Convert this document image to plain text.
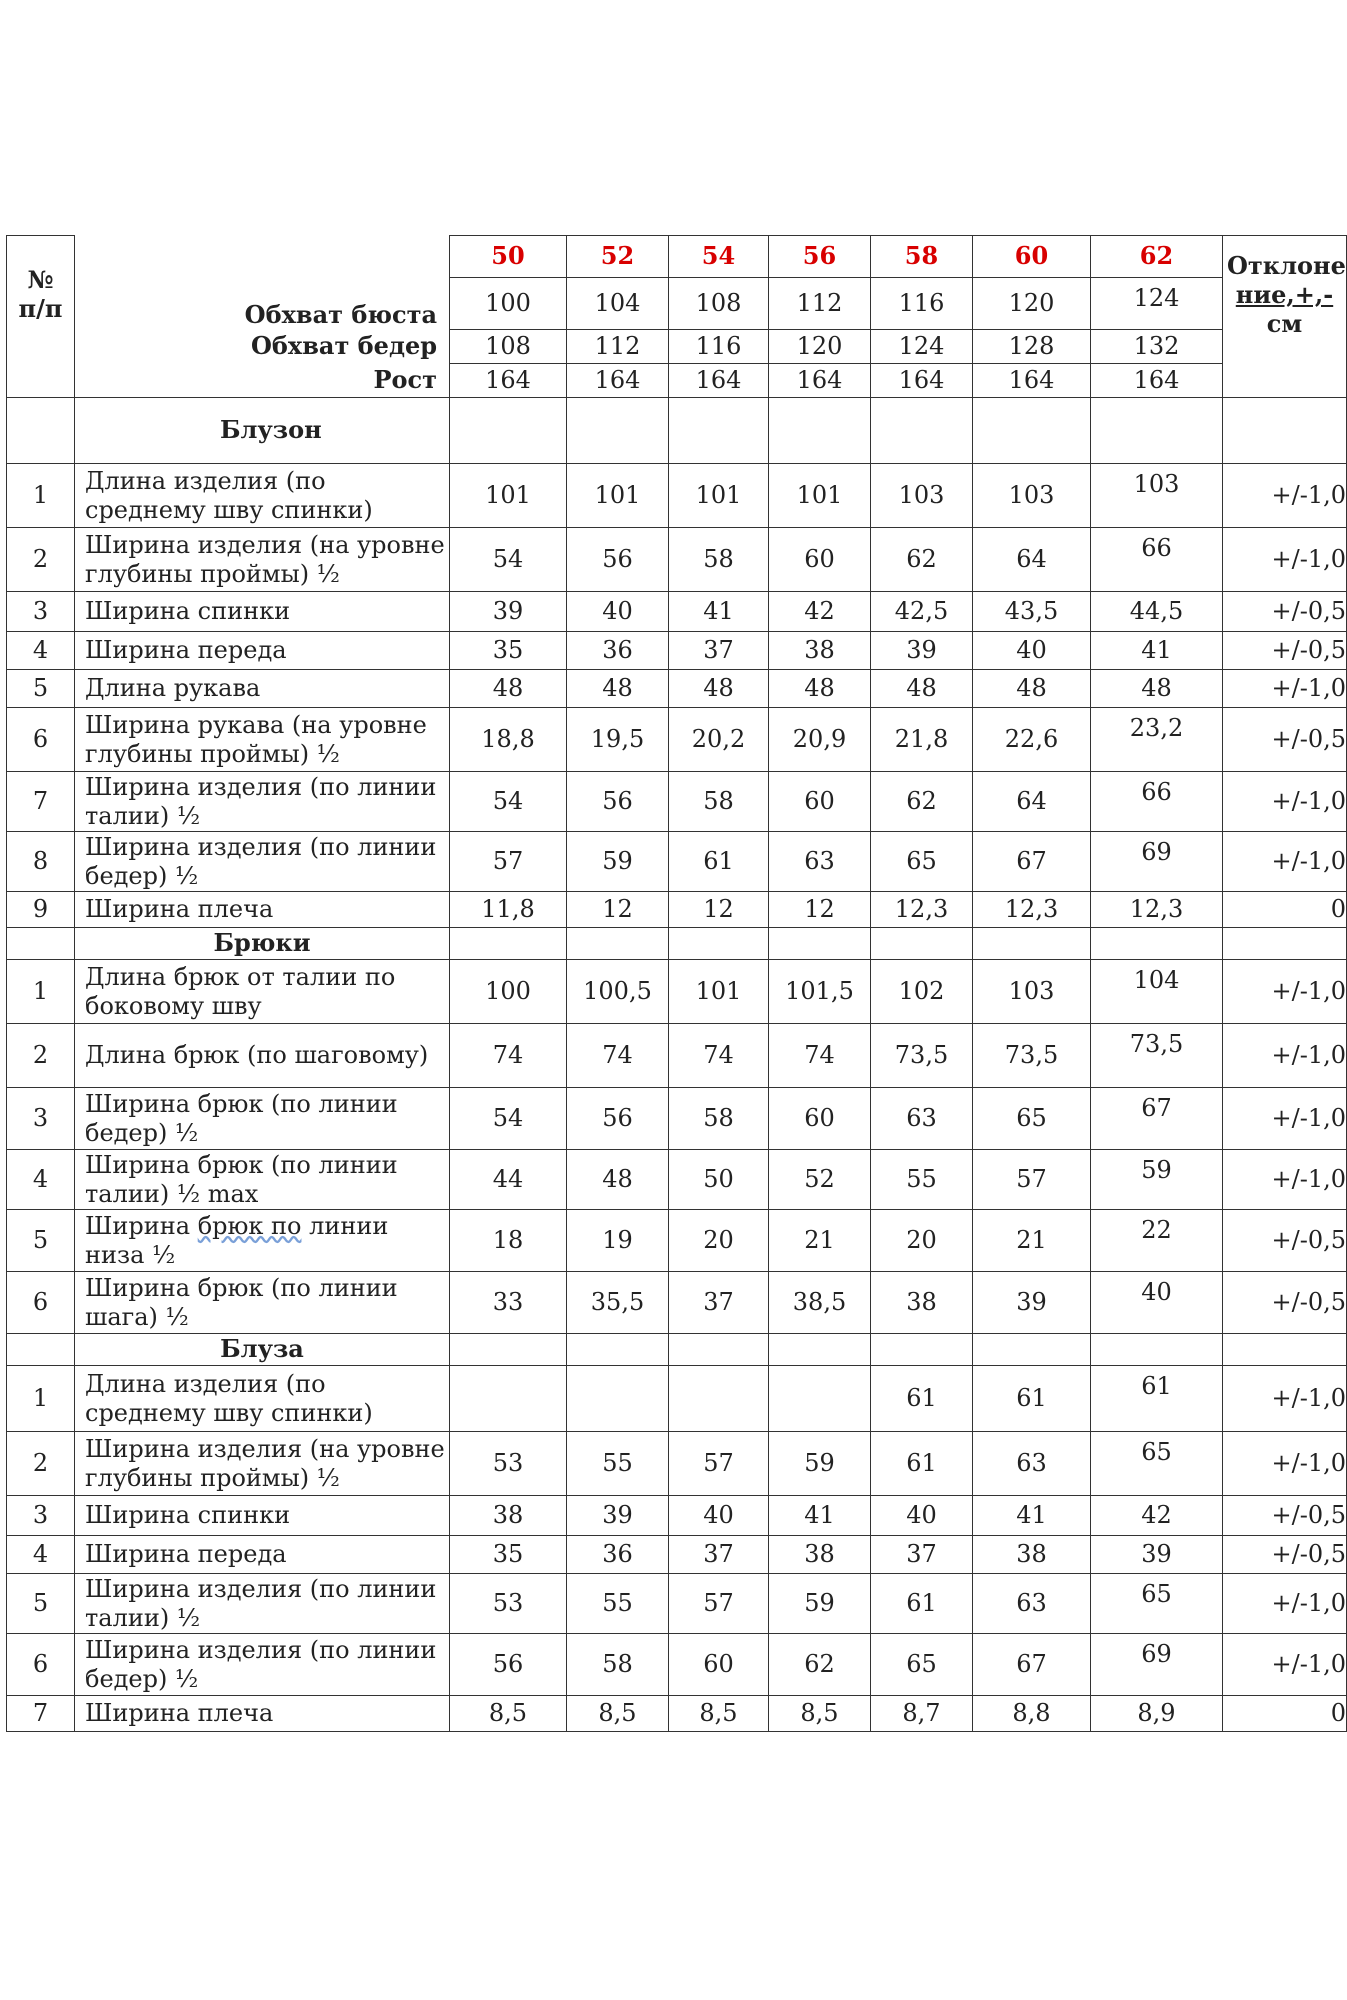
№ п/п		50	52	54	56	58	60	62	Отклоне
ние,+,-
см

	Обхват бюста	100	104	108	112	116	120	124	
	Обхват бедер	108	112	116	120	124	128	132	
	Рост	164	164	164	164	164	164	164	
	Блузон								
1	Длина изделия (по среднему шву спинки)	101	101	101	101	103	103	103	+/-1,0
2	Ширина изделия (на уровне глубины проймы) ½	54	56	58	60	62	64	66	+/-1,0
3	Ширина спинки	39	40	41	42	42,5	43,5	44,5	+/-0,5
4	Ширина переда	35	36	37	38	39	40	41	+/-0,5
5	Длина рукава	48	48	48	48	48	48	48	+/-1,0
6	Ширина рукава (на уровне глубины проймы) ½	18,8	19,5	20,2	20,9	21,8	22,6	23,2	+/-0,5
7	Ширина изделия (по линии талии) ½	54	56	58	60	62	64	66	+/-1,0
8	Ширина изделия (по линии бедер) ½	57	59	61	63	65	67	69	+/-1,0
9	Ширина плеча	11,8	12	12	12	12,3	12,3	12,3	0
	Брюки								
1	Длина брюк от талии по боковому шву	100	100,5	101	101,5	102	103	104	+/-1,0
2	Длина брюк (по шаговому)	74	74	74	74	73,5	73,5	73,5	+/-1,0
3	Ширина брюк (по линии бедер) ½	54	56	58	60	63	65	67	+/-1,0
4	Ширина брюк (по линии талии) ½ max	44	48	50	52	55	57	59	+/-1,0
5	Ширина брюк по линии низа ½	18	19	20	21	20	21	22	+/-0,5
6	Ширина брюк (по линии шага) ½	33	35,5	37	38,5	38	39	40	+/-0,5
	Блуза								
1	Длина изделия (по среднему шву спинки)					61	61	61	+/-1,0
2	Ширина изделия (на уровне глубины проймы) ½	53	55	57	59	61	63	65	+/-1,0
3	Ширина спинки	38	39	40	41	40	41	42	+/-0,5
4	Ширина переда	35	36	37	38	37	38	39	+/-0,5
5	Ширина изделия (по линии талии) ½	53	55	57	59	61	63	65	+/-1,0
6	Ширина изделия (по линии бедер) ½	56	58	60	62	65	67	69	+/-1,0
7	Ширина плеча	8,5	8,5	8,5	8,5	8,7	8,8	8,9	0
